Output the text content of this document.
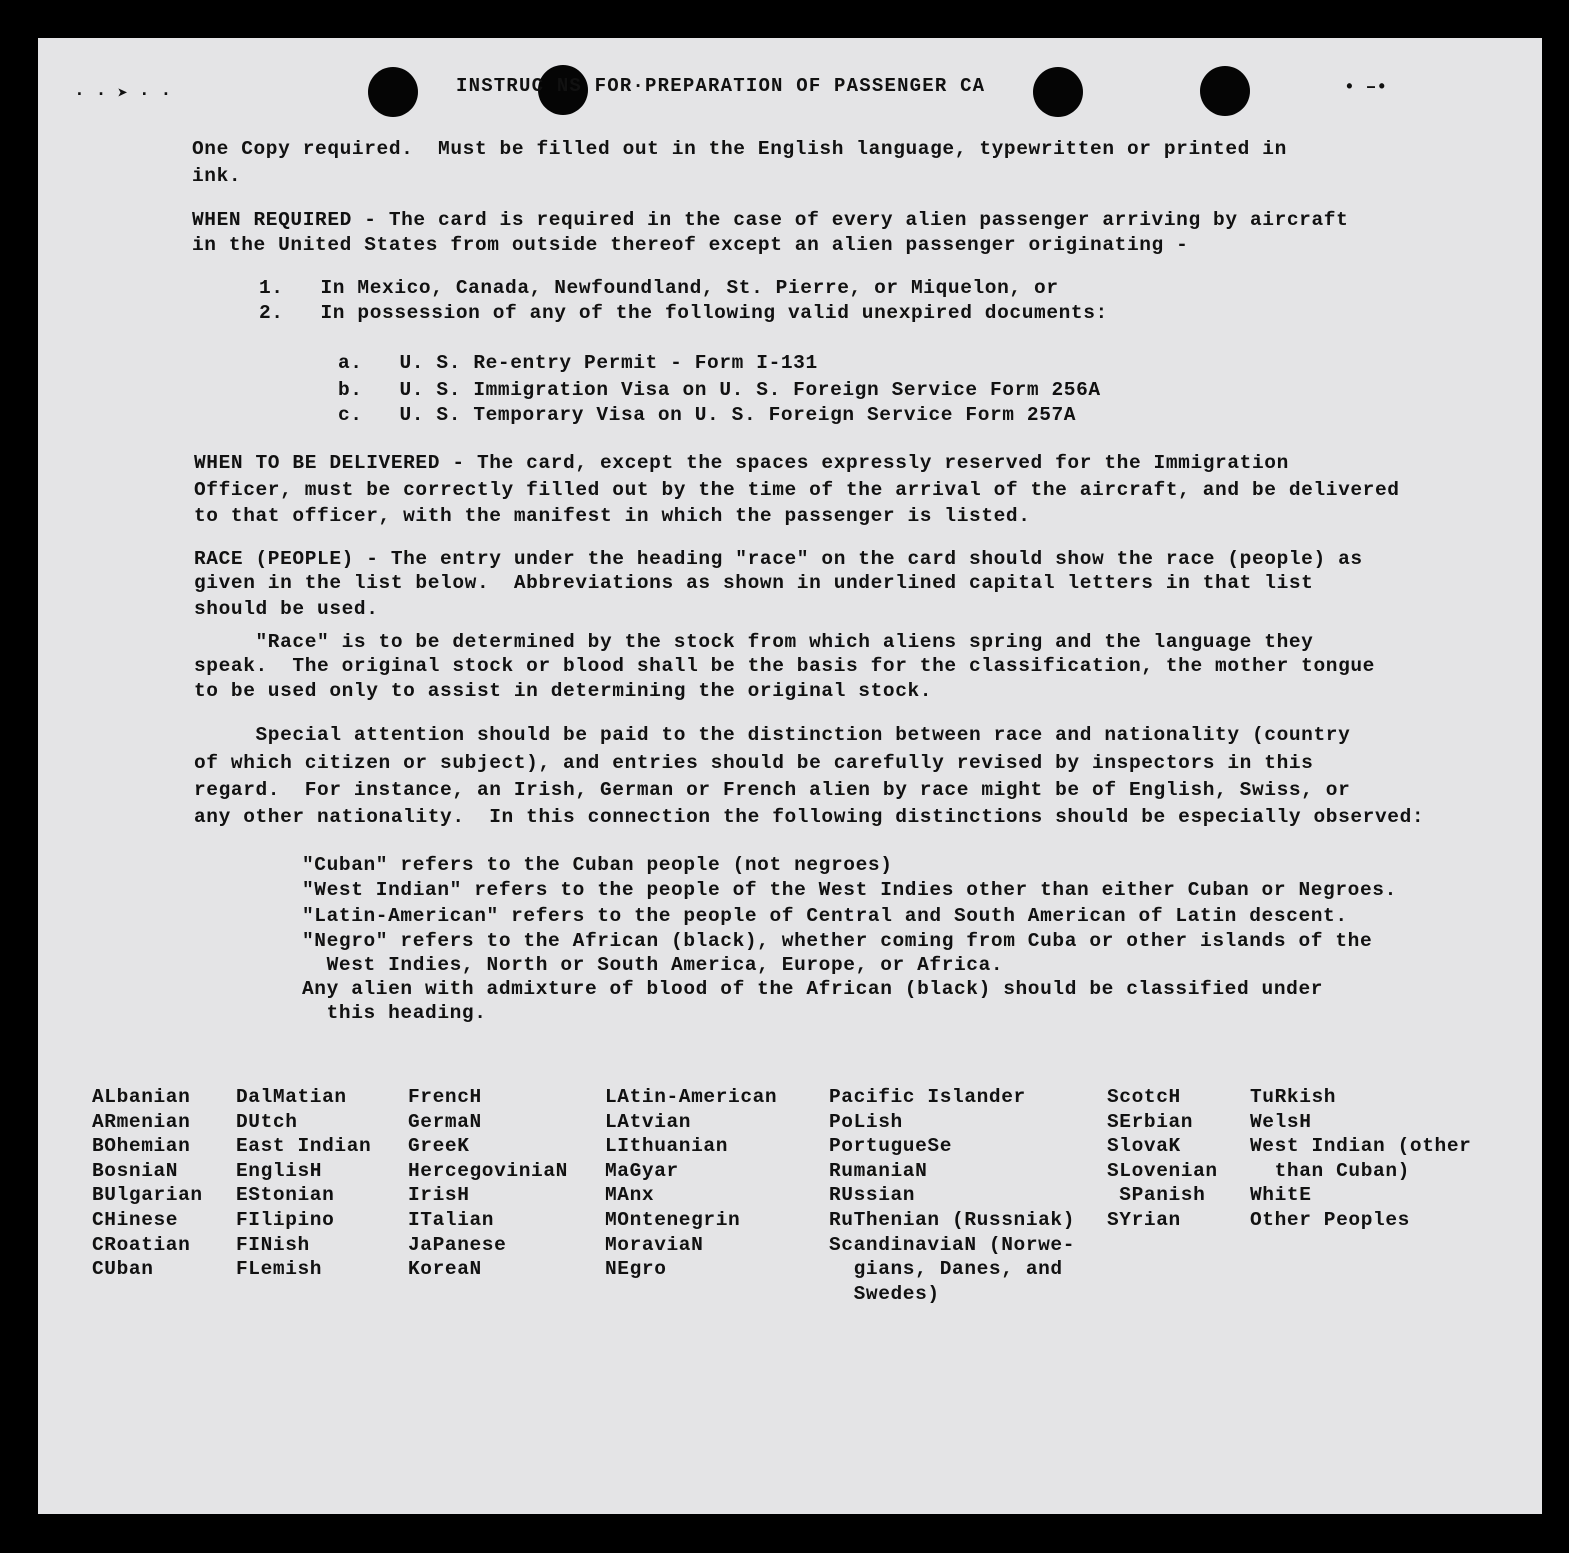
· · ➤ · ·	• –•
INSTRUC NS FOR·PREPARATION OF PASSENGER CA
One Copy required.  Must be filled out in the English language, typewritten or printed in
ink.
WHEN REQUIRED - The card is required in the case of every alien passenger arriving by aircraft
in the United States from outside thereof except an alien passenger originating -
1.   In Mexico, Canada, Newfoundland, St. Pierre, or Miquelon, or
2.   In possession of any of the following valid unexpired documents:
a.   U. S. Re-entry Permit - Form I-131
b.   U. S. Immigration Visa on U. S. Foreign Service Form 256A
c.   U. S. Temporary Visa on U. S. Foreign Service Form 257A
WHEN TO BE DELIVERED - The card, except the spaces expressly reserved for the Immigration
Officer, must be correctly filled out by the time of the arrival of the aircraft, and be delivered
to that officer, with the manifest in which the passenger is listed.
RACE (PEOPLE) - The entry under the heading "race" on the card should show the race (people) as
given in the list below.  Abbreviations as shown in underlined capital letters in that list
should be used.
"Race" is to be determined by the stock from which aliens spring and the language they
speak.  The original stock or blood shall be the basis for the classification, the mother tongue
to be used only to assist in determining the original stock.
Special attention should be paid to the distinction between race and nationality (country
of which citizen or subject), and entries should be carefully revised by inspectors in this
regard.  For instance, an Irish, German or French alien by race might be of English, Swiss, or
any other nationality.  In this connection the following distinctions should be especially observed:
"Cuban" refers to the Cuban people (not negroes)
"West Indian" refers to the people of the West Indies other than either Cuban or Negroes.
"Latin-American" refers to the people of Central and South American of Latin descent.
"Negro" refers to the African (black), whether coming from Cuba or other islands of the
West Indies, North or South America, Europe, or Africa.
Any alien with admixture of blood of the African (black) should be classified under
this heading.
ALbanian
ARmenian
BOhemian
BosniaN
BUlgarian
CHinese
CRoatian
CUban
DalMatian
DUtch
East Indian
EnglisH
EStonian
FIlipino
FINish
FLemish
FrencH
GermaN
GreeK
HercegoviniaN
IrisH
ITalian
JaPanese
KoreaN
LAtin-American
LAtvian
LIthuanian
MaGyar
MAnx
MOntenegrin
MoraviaN
NEgro
Pacific Islander
PoLish
PortugueSe
RumaniaN
RUssian
RuThenian (Russniak)
ScandinaviaN (Norwe-
gians, Danes, and
Swedes)
ScotcH
SErbian
SlovaK
SLovenian
SPanish
SYrian
TuRkish
WelsH
West Indian (other
than Cuban)
WhitE
Other Peoples
